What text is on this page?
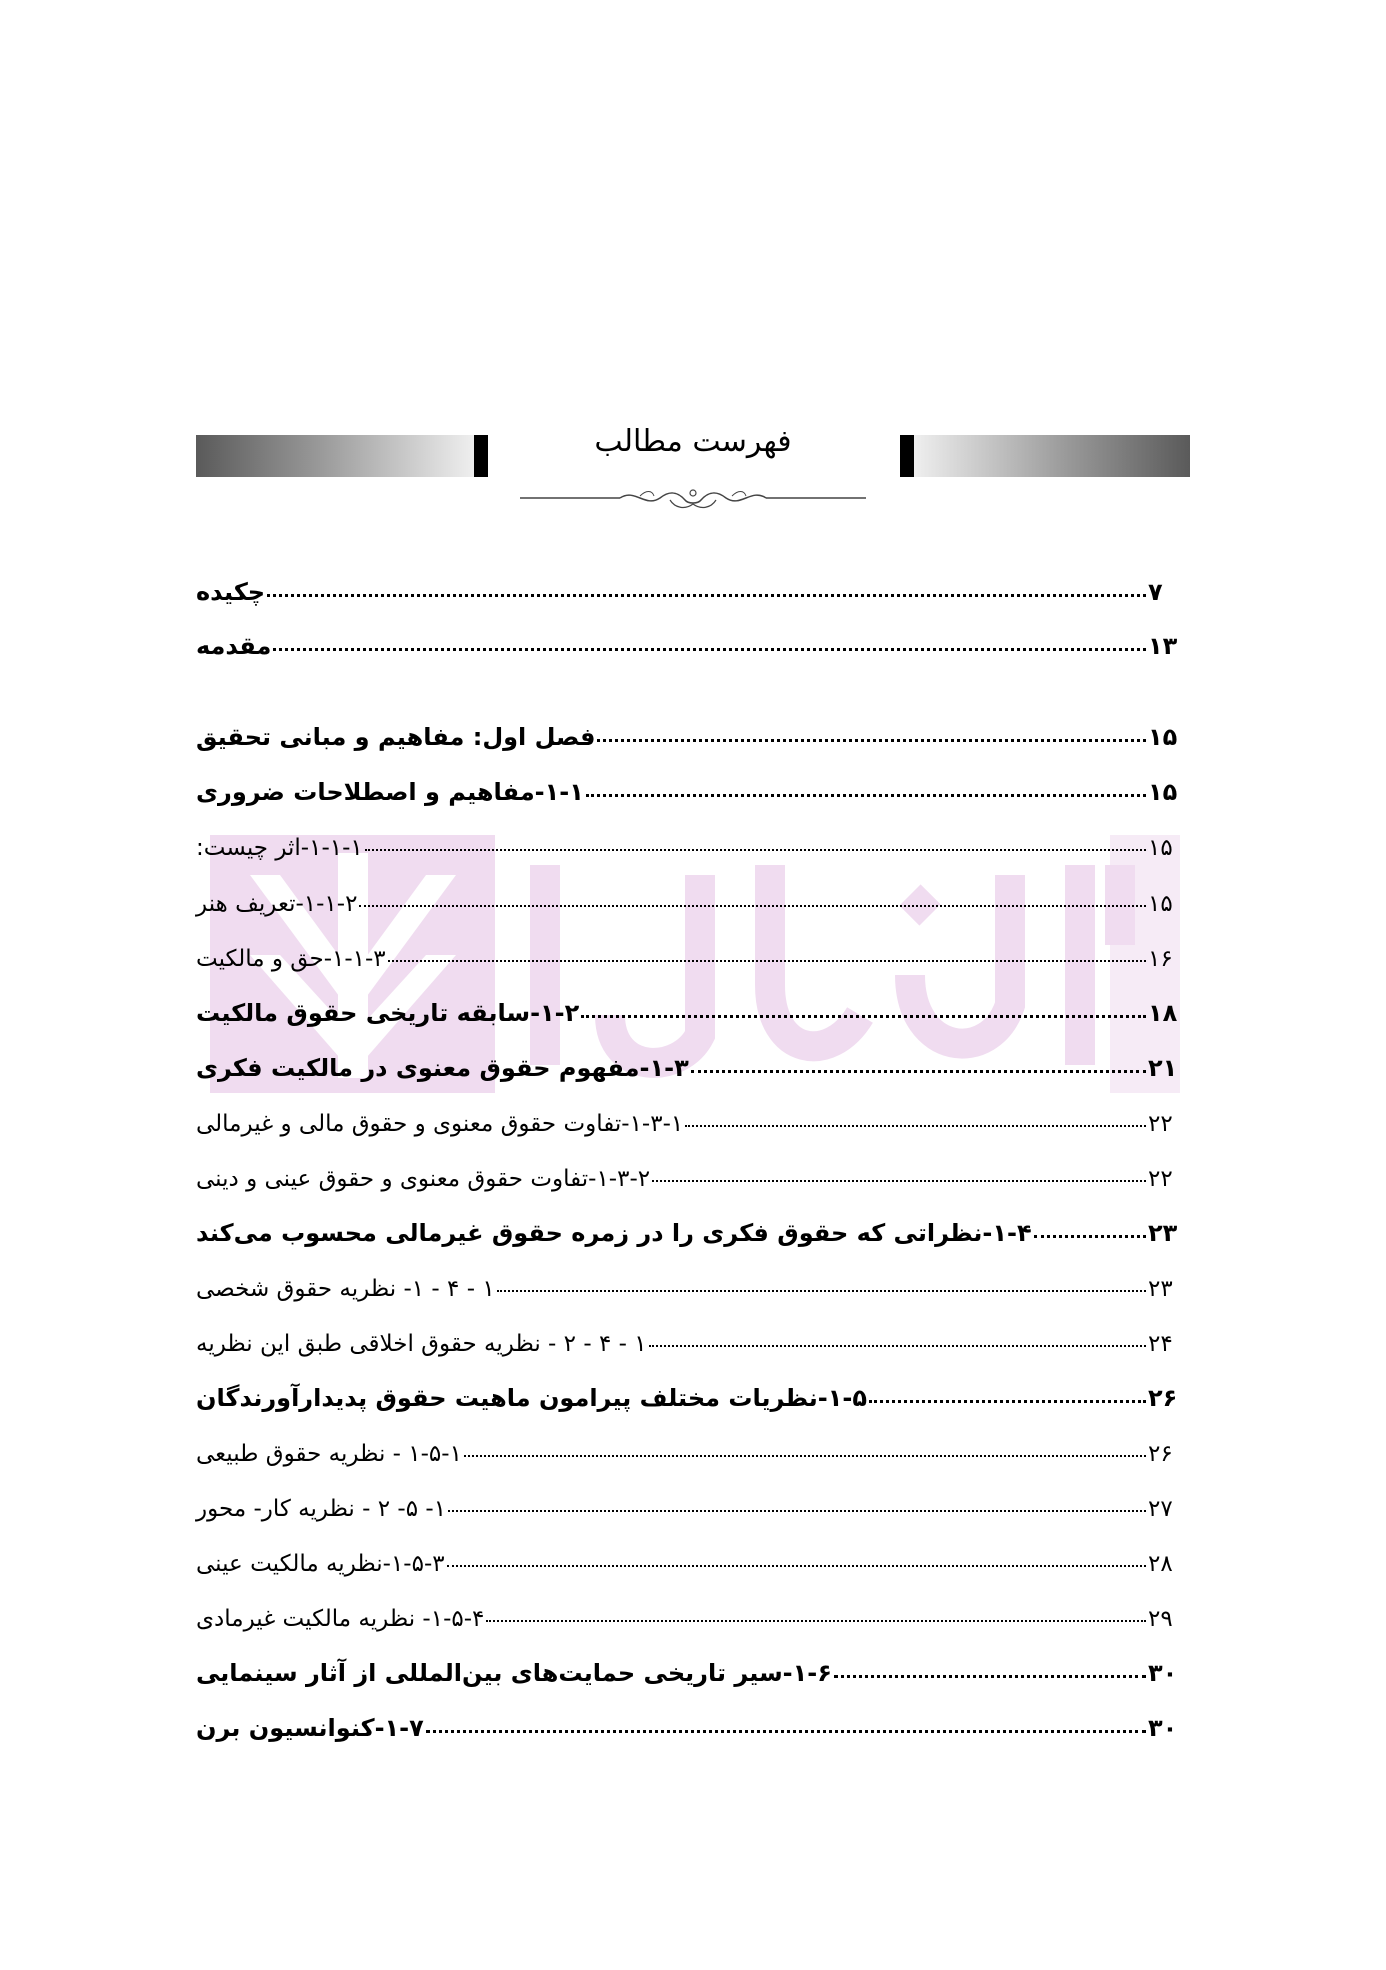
فهرست مطالب
چکیده	۷
مقدمه	۱۳
فصل اول: مفاهیم و مبانی تحقیق	۱۵
۱-۱-مفاهیم و اصطلاحات ضروری	۱۵
۱-۱-۱-اثر چیست:	۱۵
۱-۱-۲-تعریف هنر	۱۵
۱-۱-۳-حق و مالکیت	۱۶
۱-۲-سابقه تاریخی حقوق مالکیت	۱۸
۱-۳-مفهوم حقوق معنوی در مالکیت فکری	۲۱
۱-۳-۱-تفاوت حقوق معنوی و حقوق مالی و غیرمالی	۲۲
۱-۳-۲-تفاوت حقوق معنوی و حقوق عینی و دینی	۲۲
۱-۴-نظراتی که حقوق فکری را در زمره حقوق غیرمالی محسوب می‌کند	۲۳
۱ - ۴ - ۱- نظریه حقوق شخصی	۲۳
۱ - ۴ - ۲ - نظریه حقوق اخلاقی طبق این نظریه	۲۴
۱-۵-نظریات مختلف پیرامون ماهیت حقوق پدیدارآورندگان	۲۶
۱-۵-۱ - نظریه حقوق طبیعی	۲۶
۱- ۵- ۲ - نظریه کار- محور	۲۷
۱-۵-۳-نظریه مالکیت عینی	۲۸
۱-۵-۴- نظریه مالکیت غیرمادی	۲۹
۱-۶-سیر تاریخی حمایت‌های بین‌المللی از آثار سینمایی	۳۰
۱-۷-کنوانسیون برن	۳۰
